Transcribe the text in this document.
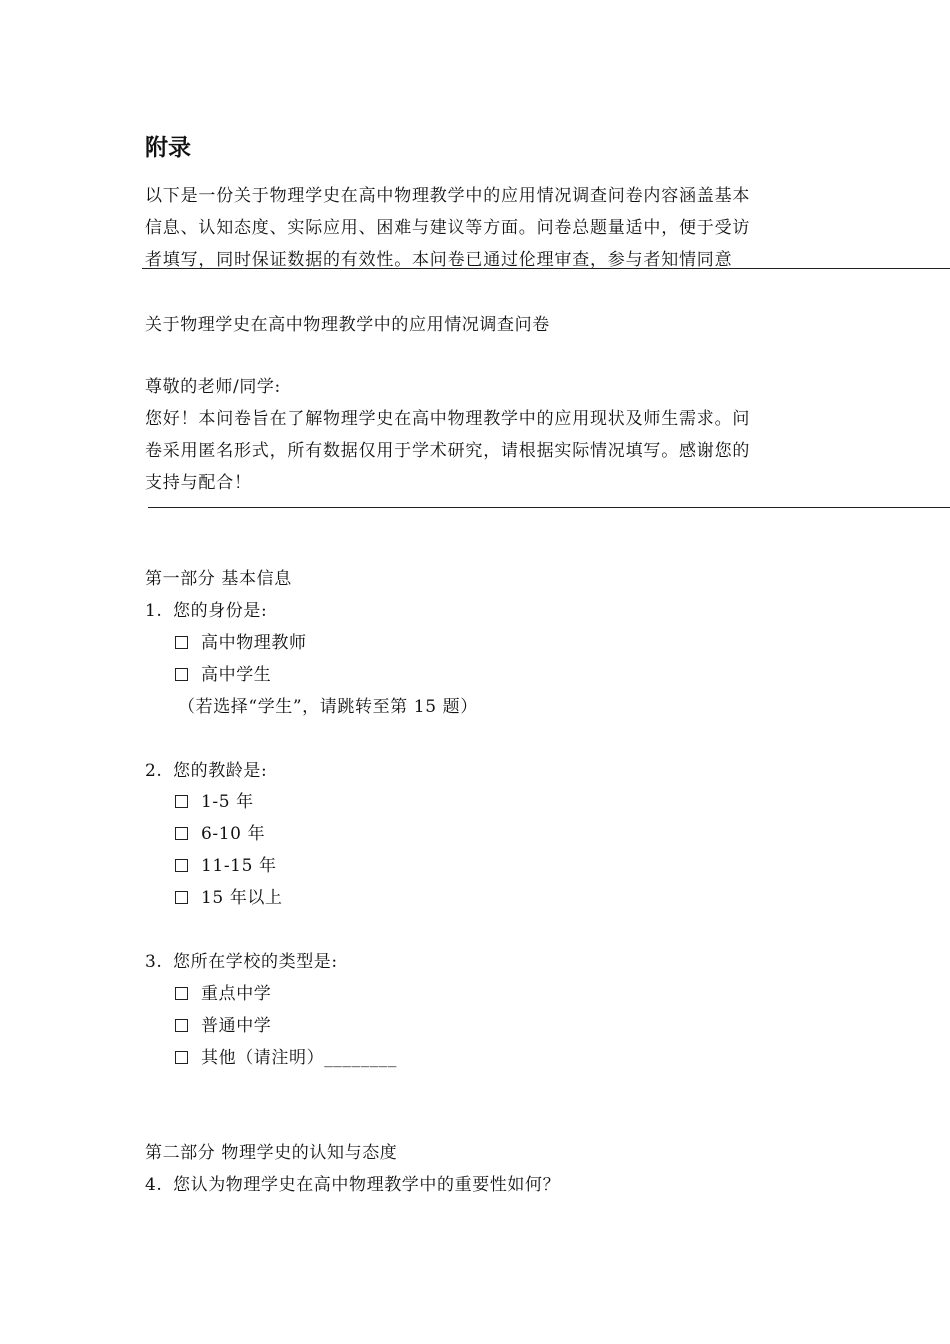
附录

以下是一份关于物理学史在高中物理教学中的应用情况调查问卷内容涵盖基本

信息、认知态度、实际应用、困难与建议等方面。问卷总题量适中，便于受访

者填写，同时保证数据的有效性。本问卷已通过伦理审查，参与者知情同意

关于物理学史在高中物理教学中的应用情况调查问卷
尊敬的老师/同学:

您好！本问卷旨在了解物理学史在高中物理教学中的应用现状及师生需求。问

卷采用匿名形式，所有数据仅用于学术研究，请根据实际情况填写。感谢您的

支持与配合！

第一部分 基本信息
1. 您的身份是:
高中物理教师
高中学生
（若选择“学生”，请跳转至第 15 题）
2. 您的教龄是:
1-5 年
6-10 年
11-15 年
15 年以上
3. 您所在学校的类型是:
重点中学
普通中学
其他（请注明）________
第二部分 物理学史的认知与态度
4. 您认为物理学史在高中物理教学中的重要性如何？
